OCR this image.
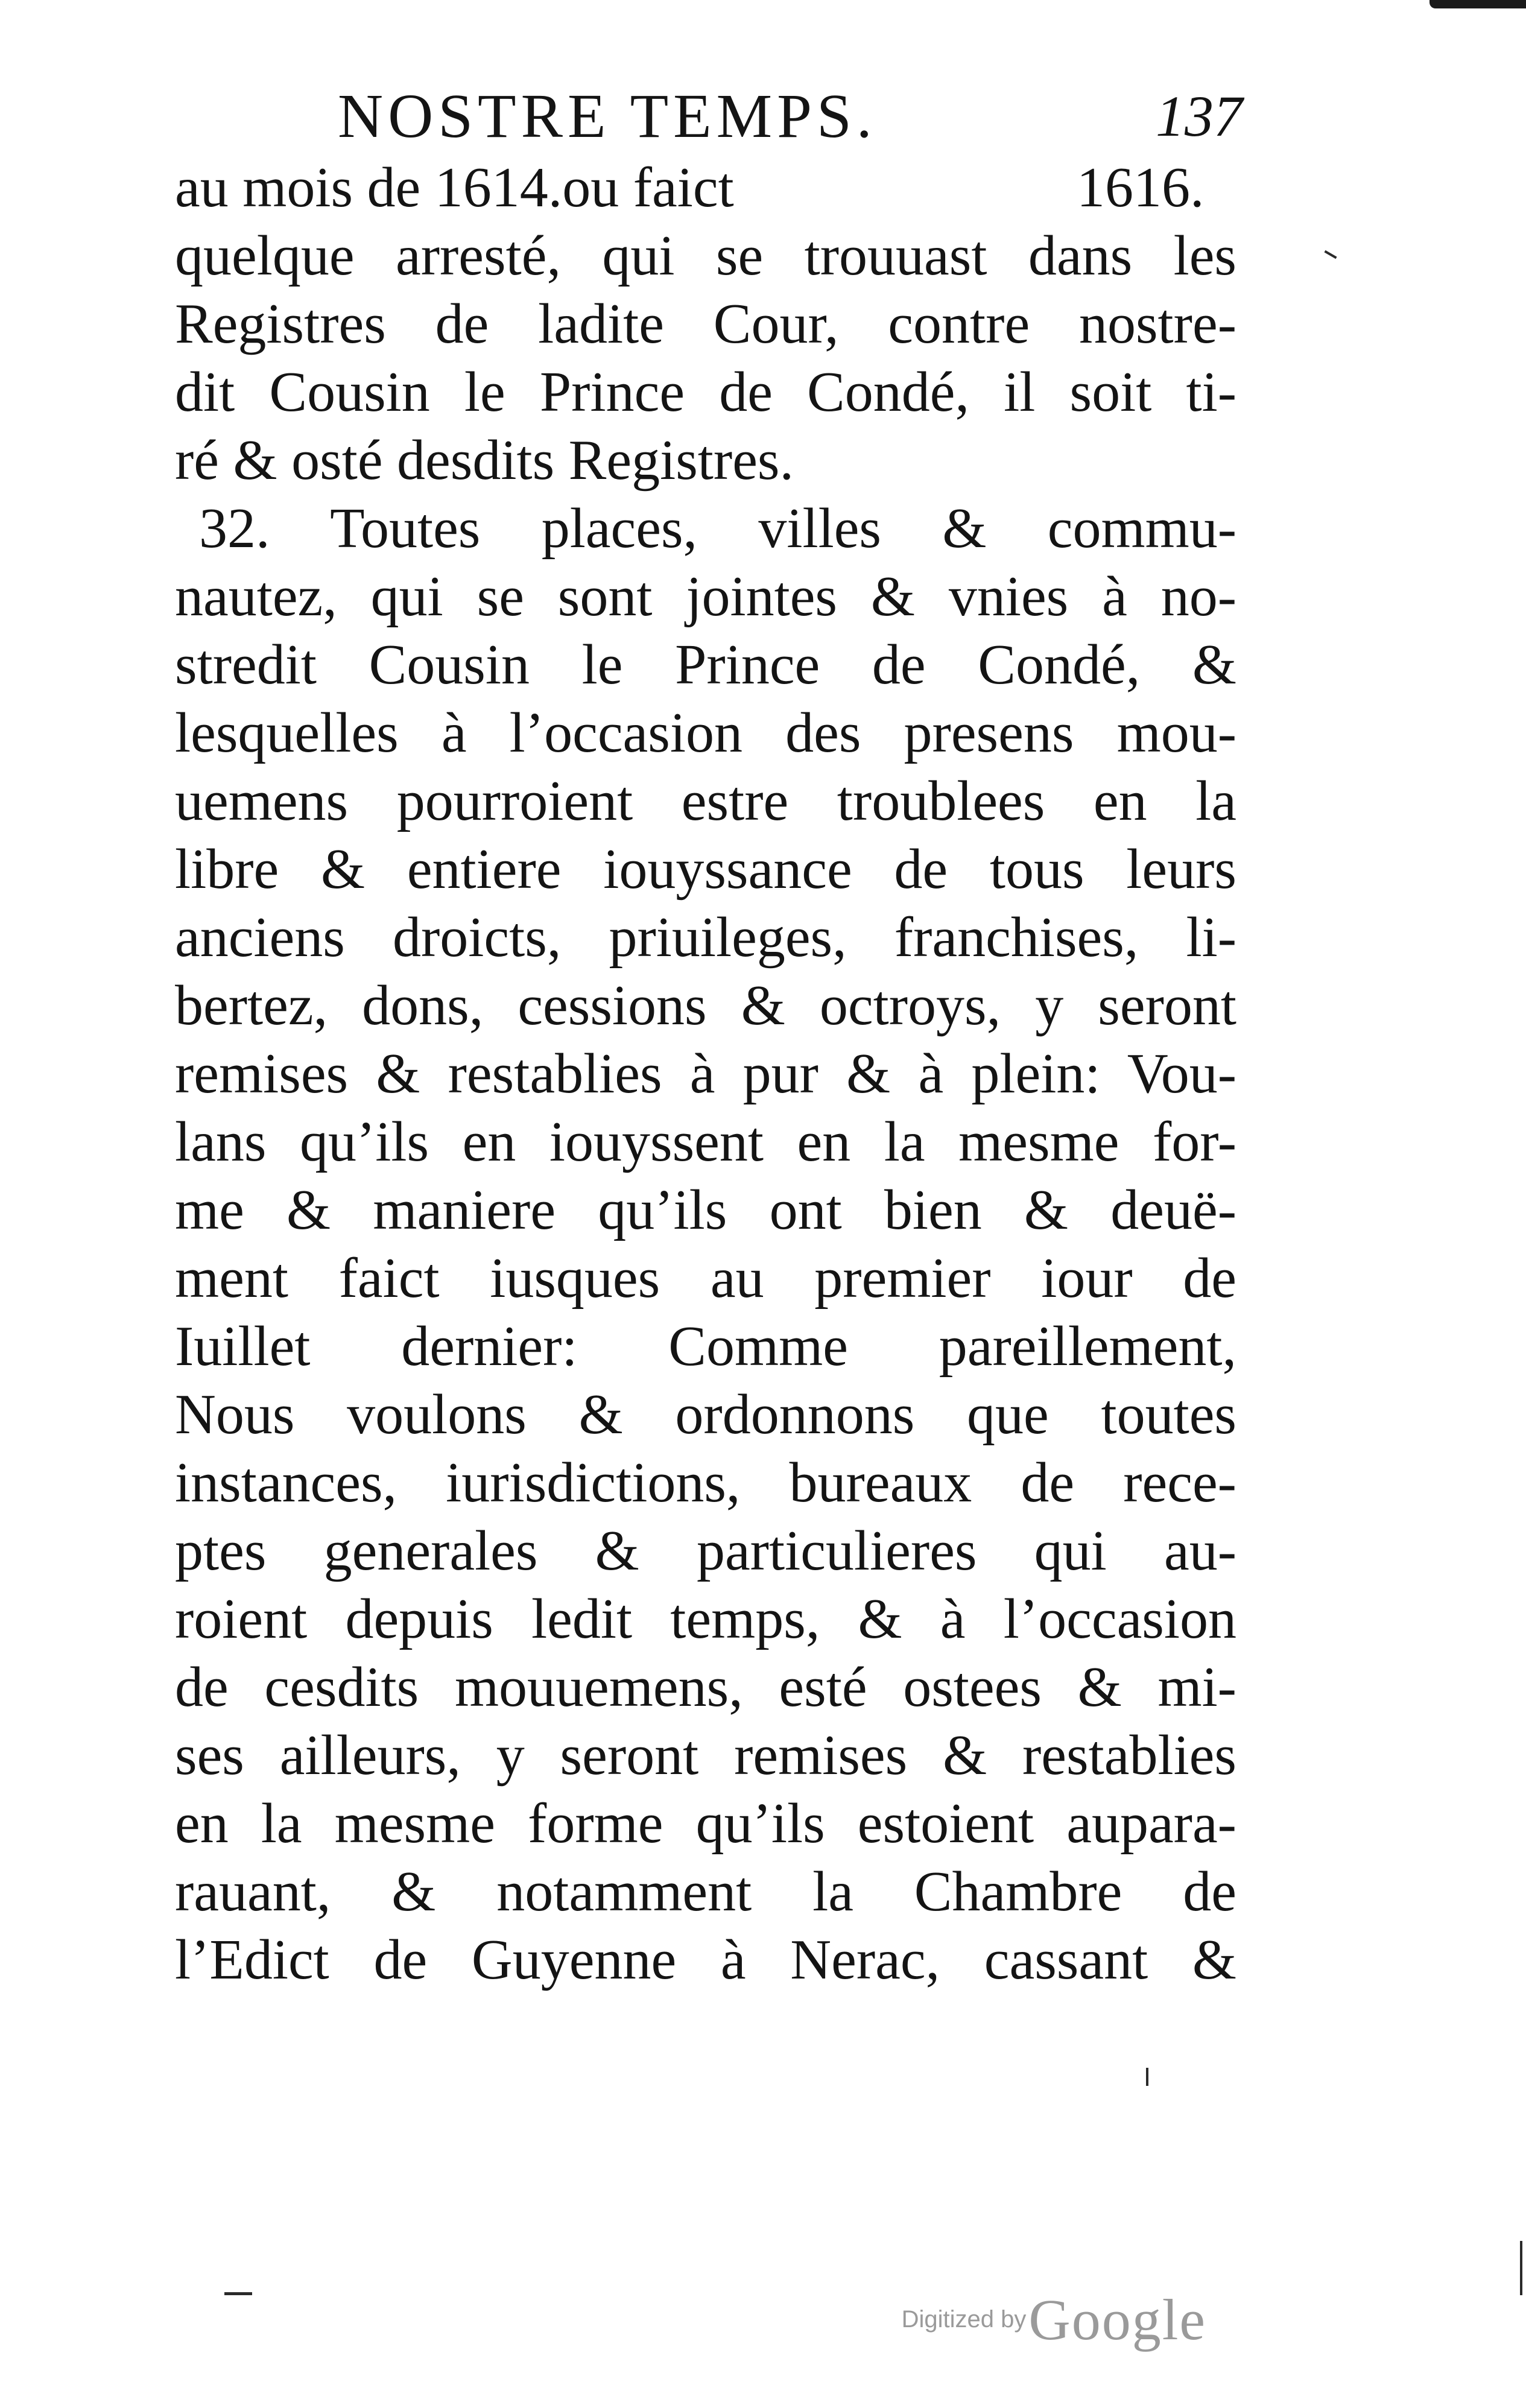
NOSTRE TEMPS.	137
au mois de 1614.ou faict
quelque arresté, qui se trouuast dans les
Registres de ladite Cour, contre nostre-
dit Cousin le Prince de Condé, il soit ti-
ré & osté desdits Registres.
32. Toutes places, villes & commu-
nautez, qui se sont jointes & vnies à no-
stredit Cousin le Prince de Condé, &
lesquelles à l’occasion des presens mou-
uemens pourroient estre troublees en la
libre & entiere iouyssance de tous leurs
anciens droicts, priuileges, franchises, li-
bertez, dons, cessions & octroys, y seront
remises & restablies à pur & à plein: Vou-
lans qu’ils en iouyssent en la mesme for-
me & maniere qu’ils ont bien & deuë-
ment faict iusques au premier iour de
Iuillet dernier: Comme pareillement,
Nous voulons & ordonnons que toutes
instances, iurisdictions, bureaux de rece-
ptes generales & particulieres qui au-
roient depuis ledit temps, & à l’occasion
de cesdits mouuemens, esté ostees & mi-
ses ailleurs, y seront remises & restablies
en la mesme forme qu’ils estoient aupara-
rauant, & notamment la Chambre de
l’Edict de Guyenne à Nerac, cassant &
1616.
Digitized by Google
